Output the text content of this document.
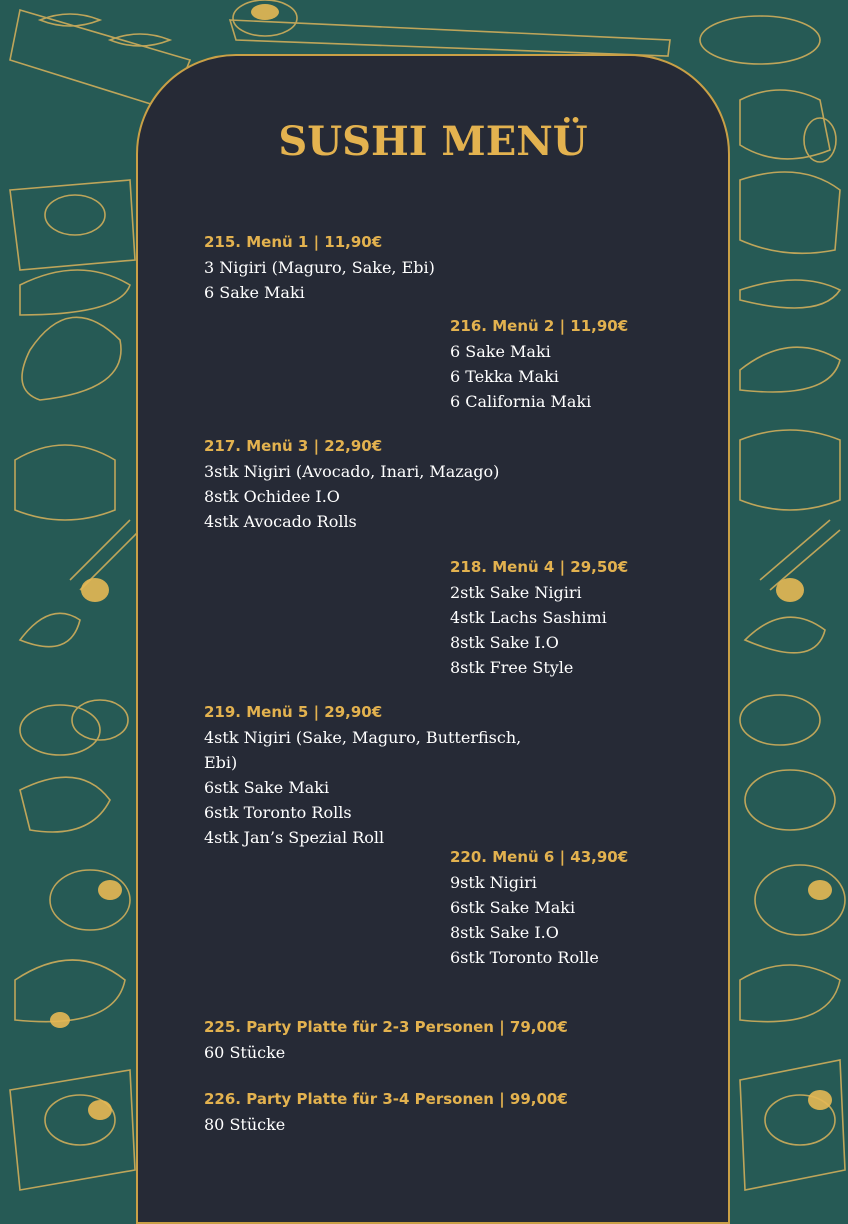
SUSHI MENÜ
215. Menü 1 | 11,90€
3 Nigiri (Maguro, Sake, Ebi)
6 Sake Maki
216. Menü 2 | 11,90€
6 Sake Maki
6 Tekka Maki
6 California Maki
217. Menü 3 | 22,90€
3stk Nigiri (Avocado, Inari, Mazago)
8stk Ochidee I.O
4stk Avocado Rolls
218. Menü 4 | 29,50€
2stk Sake Nigiri
4stk Lachs Sashimi
8stk Sake I.O
8stk Free Style
219. Menü 5 | 29,90€
4stk Nigiri (Sake, Maguro, Butterfisch, Ebi)
6stk Sake Maki
6stk Toronto Rolls
4stk Jan’s Spezial Roll
220. Menü 6 | 43,90€
9stk Nigiri
6stk Sake Maki
8stk Sake I.O
6stk Toronto Rolle
225. Party Platte für 2-3 Personen | 79,00€
60 Stücke
226. Party Platte für 3-4 Personen | 99,00€
80 Stücke
